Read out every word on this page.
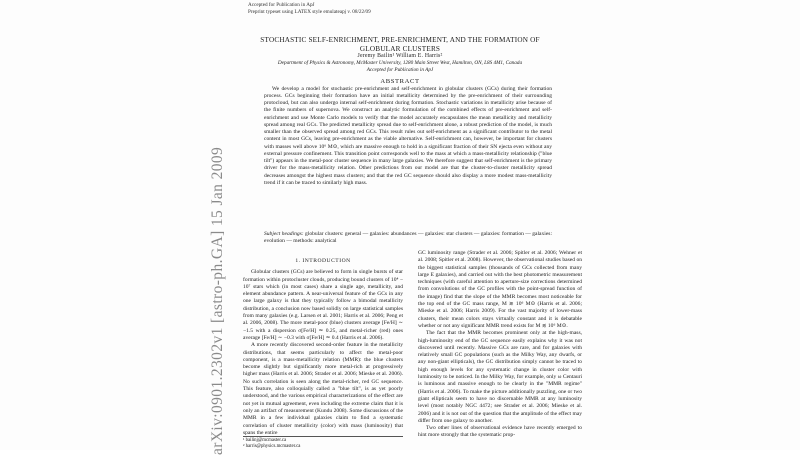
arXiv:0901.2302v1 [astro-ph.GA] 15 Jan 2009
Accepted for Publication in ApJ
Preprint typeset using LATEX style emulateapj v. 08/22/09
STOCHASTIC SELF-ENRICHMENT, PRE-ENRICHMENT, AND THE FORMATION OF GLOBULAR CLUSTERS
Jeremy Bailin¹ William E. Harris²
Department of Physics & Astronomy, McMaster University, 1280 Main Street West, Hamilton, ON, L8S 4M1, Canada
Accepted for Publication in ApJ
ABSTRACT

We develop a model for stochastic pre-enrichment and self-enrichment in globular clusters (GCs) during their formation process. GCs beginning their formation have an initial metallicity determined by the pre-enrichment of their surrounding protocloud, but can also undergo internal self-enrichment during formation. Stochastic variations in metallicity arise because of the finite numbers of supernova. We construct an analytic formulation of the combined effects of pre-enrichment and self-enrichment and use Monte Carlo models to verify that the model accurately encapsulates the mean metallicity and metallicity spread among real GCs. The predicted metallicity spread due to self-enrichment alone, a robust prediction of the model, is much smaller than the observed spread among red GCs. This result rules out self-enrichment as a significant contributor to the metal content in most GCs, leaving pre-enrichment as the viable alternative. Self-enrichment can, however, be important for clusters with masses well above 10⁶ M⊙, which are massive enough to hold in a significant fraction of their SN ejecta even without any external pressure confinement. This transition point corresponds well to the mass at which a mass-metallicity relationship ("blue tilt") appears in the metal-poor cluster sequence in many large galaxies. We therefore suggest that self-enrichment is the primary driver for the mass-metallicity relation. Other predictions from our model are that the cluster-to-cluster metallicity spread decreases amongst the highest mass clusters; and that the red GC sequence should also display a more modest mass-metallicity trend if it can be traced to similarly high mass.

Subject headings: globular clusters: general — galaxies: abundances — galaxies: star clusters — galaxies: formation — galaxies: evolution — methods: analytical

1. INTRODUCTION

Globular clusters (GCs) are believed to form in single bursts of star formation within protocluster clouds, producing bound clusters of 10⁴ − 10⁷ stars which (in most cases) share a single age, metallicity, and element abundance pattern. A near-universal feature of the GCs in any one large galaxy is that they typically follow a bimodal metallicity distribution, a conclusion now based solidly on large statistical samples from many galaxies (e.g. Larsen et al. 2001; Harris et al. 2006; Peng et al. 2006, 2008). The more metal-poor (blue) clusters average [Fe/H] ∼ −1.5 with a dispersion σ[Fe/H] ≃ 0.25, and metal-richer (red) ones average [Fe/H] ∼ −0.3 with σ[Fe/H] ≃ 0.4 (Harris et al. 2006).

A more recently discovered second-order feature in the metallicity distributions, that seems particularly to affect the metal-poor component, is a mass-metallicity relation (MMR): the blue clusters become slightly but significantly more metal-rich at progressively higher mass (Harris et al. 2006; Strader et al. 2006; Mieske et al. 2006). No such correlation is seen along the metal-richer, red GC sequence. This feature, also colloquially called a "blue tilt", is as yet poorly understood, and the various empirical characterizations of the effect are not yet in mutual agreement, even including the extreme claim that it is only an artifact of measurement (Kundu 2008). Some discussions of the MMR in a few individual galaxies claim to find a systematic correlation of cluster metallicity (color) with mass (luminosity) that spans the entire

¹ bailinj@mcmaster.ca

² harris@physics.mcmaster.ca

GC luminosity range (Strader et al. 2006; Spitler et al. 2006; Wehner et al. 2008; Spitler et al. 2008). However, the observational studies based on the biggest statistical samples (thousands of GCs collected from many large E galaxies), and carried out with the best photometric measurement techniques (with careful attention to aperture-size corrections determined from convolutions of the GC profiles with the point-spread function of the image) find that the slope of the MMR becomes most noticeable for the top end of the GC mass range, M ≳ 10⁶ M⊙ (Harris et al. 2006; Mieske et al. 2006; Harris 2009). For the vast majority of lower-mass clusters, their mean colors stays virtually constant and it is debatable whether or not any significant MMR trend exists for M ≲ 10⁶ M⊙.

The fact that the MMR becomes prominent only at the high-mass, high-luminosity end of the GC sequence easily explains why it was not discovered until recently. Massive GCs are rare, and for galaxies with relatively small GC populations (such as the Milky Way, any dwarfs, or any non-giant ellipticals), the GC distribution simply cannot be traced to high enough levels for any systematic change in cluster color with luminosity to be noticed. In the Milky Way, for example, only ω Centauri is luminous and massive enough to be clearly in the "MMR regime" (Harris et al. 2006). To make the picture additionally puzzling, one or two giant ellipticals seem to have no discernable MMR at any luminosity level (most notably NGC 4472; see Strader et al. 2006; Mieske et al. 2006) and it is not out of the question that the amplitude of the effect may differ from one galaxy to another.

Two other lines of observational evidence have recently emerged to hint more strongly that the systematic prop-
